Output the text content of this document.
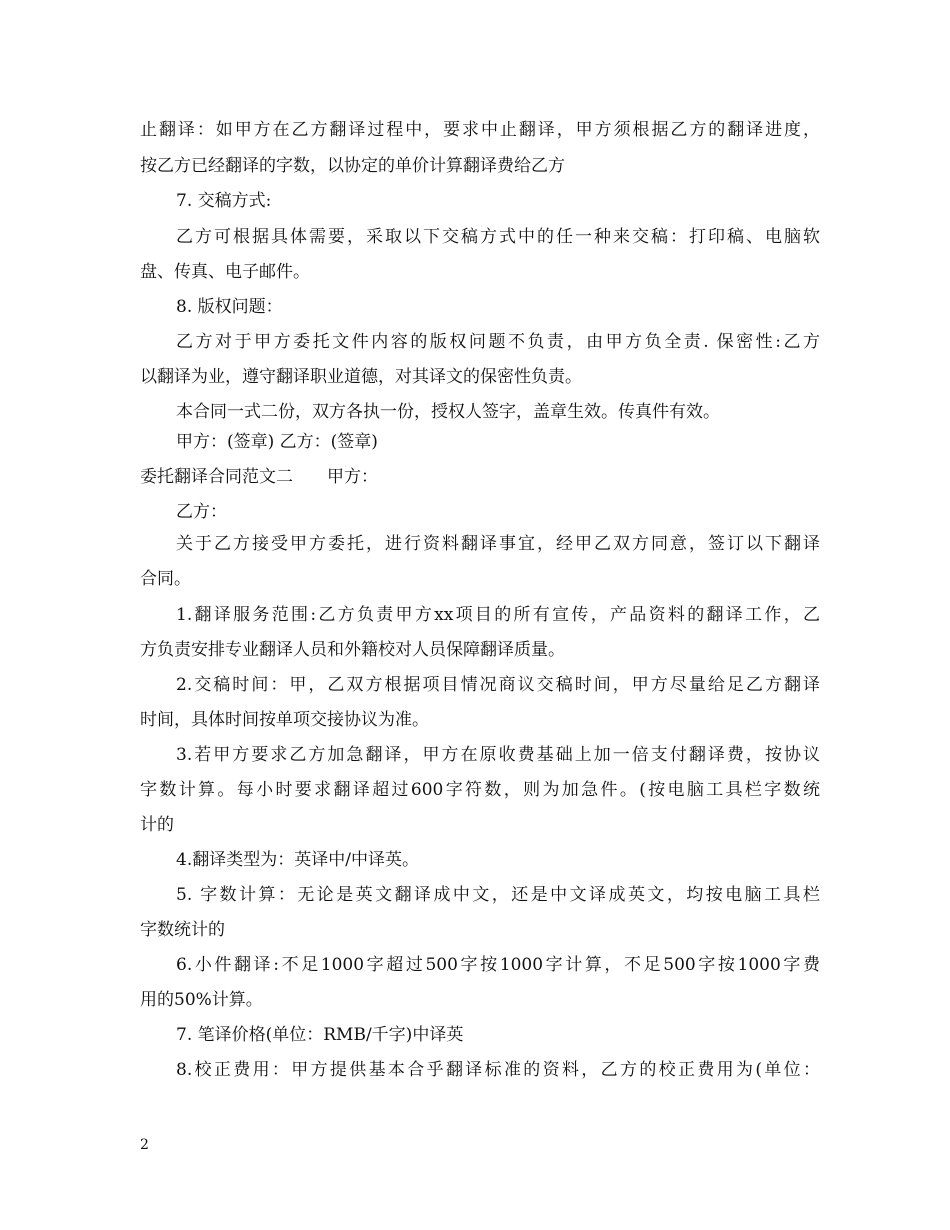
止翻译：如甲方在乙方翻译过程中，要求中止翻译，甲方须根据乙方的翻译进度，
按乙方已经翻译的字数，以协定的单价计算翻译费给乙方
7. 交稿方式:
乙方可根据具体需要，采取以下交稿方式中的任一种来交稿：打印稿、电脑软
盘、传真、电子邮件。
8. 版权问题：
乙方对于甲方委托文件内容的版权问题不负责，由甲方负全责. 保密性:乙方
以翻译为业，遵守翻译职业道德，对其译文的保密性负责。
本合同一式二份，双方各执一份，授权人签字，盖章生效。传真件有效。
甲方：(签章) 乙方：(签章)
委托翻译合同范文二　　甲方：
乙方：
关于乙方接受甲方委托，进行资料翻译事宜，经甲乙双方同意，签订以下翻译
合同。
1.翻译服务范围:乙方负责甲方xx项目的所有宣传，产品资料的翻译工作，乙
方负责安排专业翻译人员和外籍校对人员保障翻译质量。
2.交稿时间：甲，乙双方根据项目情况商议交稿时间，甲方尽量给足乙方翻译
时间，具体时间按单项交接协议为准。
3.若甲方要求乙方加急翻译，甲方在原收费基础上加一倍支付翻译费，按协议
字数计算。每小时要求翻译超过600字符数，则为加急件。(按电脑工具栏字数统
计的
4.翻译类型为：英译中/中译英。
5. 字数计算：无论是英文翻译成中文，还是中文译成英文，均按电脑工具栏
字数统计的
6.小件翻译:不足1000字超过500字按1000字计算，不足500字按1000字费
用的50%计算。
7. 笔译价格(单位：RMB/千字)中译英
8.校正费用：甲方提供基本合乎翻译标准的资料，乙方的校正费用为(单位：
2
